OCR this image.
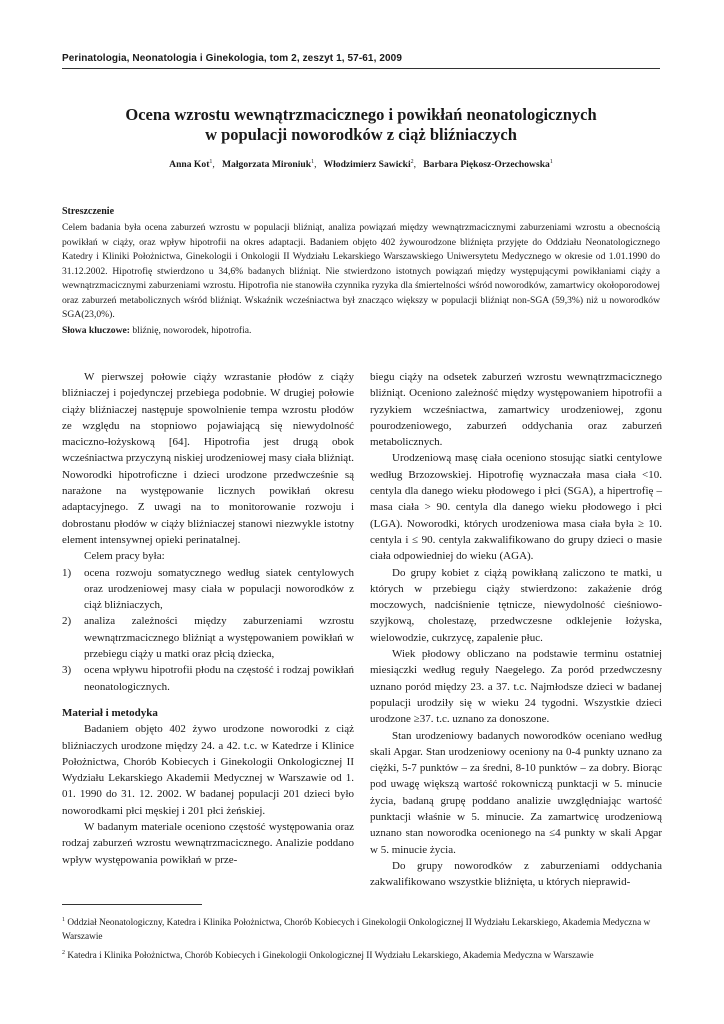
Perinatologia, Neonatologia i Ginekologia, tom 2, zeszyt 1, 57-61, 2009
Ocena wzrostu wewnątrzmacicznego i powikłań neonatologicznych
w populacji noworodków z ciąż bliźniaczych
Anna Kot$^1$,   Małgorzata Mironiuk$^1$,   Włodzimierz Sawicki$^2$,   Barbara Piękosz-Orzechowska$^1$
Streszczenie
Celem badania była ocena zaburzeń wzrostu w populacji bliźniąt, analiza powiązań między wewnątrzmacicznymi zaburzeniami wzrostu a obecnością powikłań w ciąży, oraz wpływ hipotrofii na okres adaptacji. Badaniem objęto 402 żywourodzone bliźnięta przyjęte do Oddziału Neonatologicznego Katedry i Kliniki Położnictwa, Ginekologii i Onkologii II Wydziału Lekarskiego Warszawskiego Uniwersytetu Medycznego w okresie od 1.01.1990 do 31.12.2002. Hipotrofię stwierdzono u 34,6% badanych bliźniąt. Nie stwierdzono istotnych powiązań między występującymi powikłaniami ciąży a wewnątrzmacicznymi zaburzeniami wzrostu. Hipotrofia nie stanowiła czynnika ryzyka dla śmiertelności wśród noworodków, zamartwicy okołoporodowej oraz zaburzeń metabolicznych wśród bliźniąt. Wskaźnik wcześniactwa był znacząco większy w populacji bliźniąt non-SGA (59,3%) niż u noworodków SGA(23,0%).
Słowa kluczowe: bliźnię, noworodek, hipotrofia.

W pierwszej połowie ciąży wzrastanie płodów z ciąży bliźniaczej i pojedynczej przebiega podobnie. W drugiej połowie ciąży bliźniaczej następuje spowolnienie tempa wzrostu płodów ze względu na stopniowo pojawiającą się niewydolność maciczno-łożyskową [64]. Hipotrofia jest drugą obok wcześniactwa przyczyną niskiej urodzeniowej masy ciała bliźniąt. Noworodki hipotroficzne i dzieci urodzone przedwcześnie są narażone na występowanie licznych powikłań okresu adaptacyjnego. Z uwagi na to monitorowanie rozwoju i dobrostanu płodów w ciąży bliźniaczej stanowi niezwykle istotny element intensywnej opieki perinatalnej.

Celem pracy była:

1) ocena rozwoju somatycznego według siatek centylowych oraz urodzeniowej masy ciała w populacji noworodków z ciąż bliźniaczych,
2) analiza zależności między zaburzeniami wzrostu wewnątrzmacicznego bliźniąt a występowaniem powikłań w przebiegu ciąży u matki oraz płcią dziecka,
3) ocena wpływu hipotrofii płodu na częstość i rodzaj powikłań neonatologicznych.
Materiał i metodyka

Badaniem objęto 402 żywo urodzone noworodki z ciąż bliźniaczych urodzone między 24. a 42. t.c. w Katedrze i Klinice Położnictwa, Chorób Kobiecych i Ginekologii Onkologicznej II Wydziału Lekarskiego Akademii Medycznej w Warszawie od 1. 01. 1990 do 31. 12. 2002. W badanej populacji 201 dzieci było noworodkami płci męskiej i 201 płci żeńskiej.

W badanym materiale oceniono częstość występowania oraz rodzaj zaburzeń wzrostu wewnątrzmacicznego. Analizie poddano wpływ występowania powikłań w prze-

biegu ciąży na odsetek zaburzeń wzrostu wewnątrzmacicznego bliźniąt. Oceniono zależność między występowaniem hipotrofii a ryzykiem wcześniactwa, zamartwicy urodzeniowej, zgonu pourodzeniowego, zaburzeń oddychania oraz zaburzeń metabolicznych.

Urodzeniową masę ciała oceniono stosując siatki centylowe według Brzozowskiej. Hipotrofię wyznaczała masa ciała <10. centyla dla danego wieku płodowego i płci (SGA), a hipertrofię – masa ciała > 90. centyla dla danego wieku płodowego i płci (LGA). Noworodki, których urodzeniowa masa ciała była ≥ 10. centyla i ≤ 90. centyla zakwalifikowano do grupy dzieci o masie ciała odpowiedniej do wieku (AGA).

Do grupy kobiet z ciążą powikłaną zaliczono te matki, u których w przebiegu ciąży stwierdzono: zakażenie dróg moczowych, nadciśnienie tętnicze, niewydolność cieśniowo-szyjkową, cholestazę, przedwczesne odklejenie łożyska, wielowodzie, cukrzycę, zapalenie płuc.

Wiek płodowy obliczano na podstawie terminu ostatniej miesiączki według reguły Naegelego. Za poród przedwczesny uznano poród między 23. a 37. t.c. Najmłodsze dzieci w badanej populacji urodziły się w wieku 24 tygodni. Wszystkie dzieci urodzone ≥37. t.c. uznano za donoszone.

Stan urodzeniowy badanych noworodków oceniano według skali Apgar. Stan urodzeniowy oceniony na 0-4 punkty uznano za ciężki, 5-7 punktów – za średni, 8-10 punktów – za dobry. Biorąc pod uwagę większą wartość rokowniczą punktacji w 5. minucie życia, badaną grupę poddano analizie uwzględniając wartość punktacji właśnie w 5. minucie. Za zamartwicę urodzeniową uznano stan noworodka ocenionego na ≤4 punkty w skali Apgar w 5. minucie życia.

Do grupy noworodków z zaburzeniami oddychania zakwalifikowano wszystkie bliźnięta, u których nieprawid-

$^1$ Oddział Neonatologiczny, Katedra i Klinika Położnictwa, Chorób Kobiecych i Ginekologii Onkologicznej II Wydziału Lekarskiego, Akademia Medyczna w Warszawie
$^2$ Katedra i Klinika Położnictwa, Chorób Kobiecych i Ginekologii Onkologicznej II Wydziału Lekarskiego, Akademia Medyczna w Warszawie
